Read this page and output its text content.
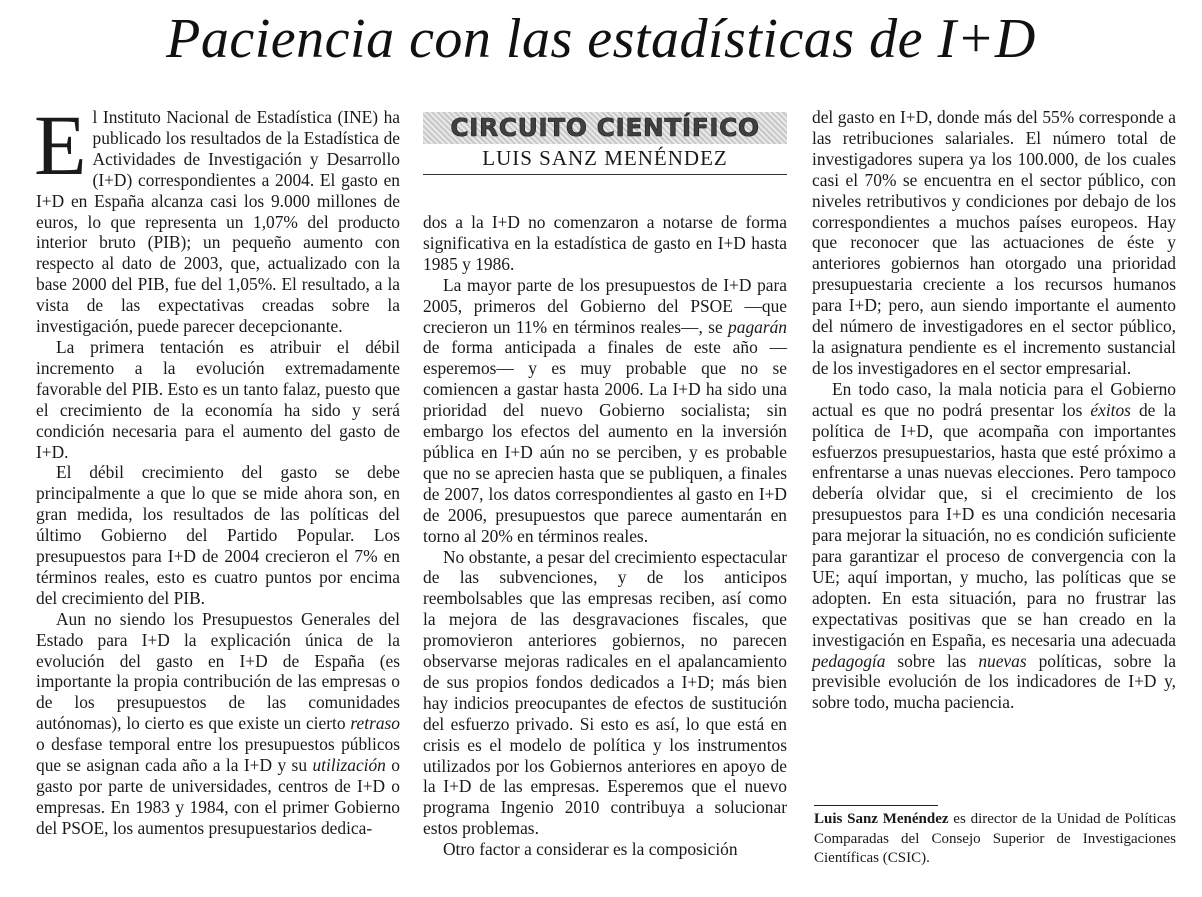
Paciencia con las estadísticas de I+D

El Instituto Nacional de Estadística (INE) ha publicado los resultados de la Estadística de Actividades de Investigación y Desarrollo (I+D) correspondientes a 2004. El gasto en I+D en España alcanza casi los 9.000 millones de euros, lo que representa un 1,07% del producto interior bruto (PIB); un pequeño aumento con respecto al dato de 2003, que, actualizado con la base 2000 del PIB, fue del 1,05%. El resultado, a la vista de las expectativas creadas sobre la investigación, puede parecer decepcionante.

La primera tentación es atribuir el débil incremento a la evolución extremadamente favorable del PIB. Esto es un tanto falaz, puesto que el crecimiento de la economía ha sido y será condición necesaria para el aumento del gasto de I+D.

El débil crecimiento del gasto se debe principalmente a que lo que se mide ahora son, en gran medida, los resultados de las políticas del último Gobierno del Partido Popular. Los presupuestos para I+D de 2004 crecieron el 7% en términos reales, esto es cuatro puntos por encima del crecimiento del PIB.

Aun no siendo los Presupuestos Generales del Estado para I+D la explicación única de la evolución del gasto en I+D de España (es importante la propia contribución de las empresas o de los presupuestos de las comunidades autónomas), lo cierto es que existe un cierto retraso o desfase temporal entre los presupuestos públicos que se asignan cada año a la I+D y su utilización o gasto por parte de universidades, centros de I+D o empresas. En 1983 y 1984, con el primer Gobierno del PSOE, los aumentos presupuestarios dedica-

CIRCUITO CIENTÍFICO
LUIS SANZ MENÉNDEZ

dos a la I+D no comenzaron a notarse de forma significativa en la estadística de gasto en I+D hasta 1985 y 1986.

La mayor parte de los presupuestos de I+D para 2005, primeros del Gobierno del PSOE —que crecieron un 11% en términos reales—, se pagarán de forma anticipada a finales de este año —esperemos— y es muy probable que no se comiencen a gastar hasta 2006. La I+D ha sido una prioridad del nuevo Gobierno socialista; sin embargo los efectos del aumento en la inversión pública en I+D aún no se perciben, y es probable que no se aprecien hasta que se publiquen, a finales de 2007, los datos correspondientes al gasto en I+D de 2006, presupuestos que parece aumentarán en torno al 20% en términos reales.

No obstante, a pesar del crecimiento espectacular de las subvenciones, y de los anticipos reembolsables que las empresas reciben, así como la mejora de las desgravaciones fiscales, que promovieron anteriores gobiernos, no parecen observarse mejoras radicales en el apalancamiento de sus propios fondos dedicados a I+D; más bien hay indicios preocupantes de efectos de sustitución del esfuerzo privado. Si esto es así, lo que está en crisis es el modelo de política y los instrumentos utilizados por los Gobiernos anteriores en apoyo de la I+D de las empresas. Esperemos que el nuevo programa Ingenio 2010 contribuya a solucionar estos problemas.

Otro factor a considerar es la composición

del gasto en I+D, donde más del 55% corresponde a las retribuciones salariales. El número total de investigadores supera ya los 100.000, de los cuales casi el 70% se encuentra en el sector público, con niveles retributivos y condiciones por debajo de los correspondientes a muchos países europeos. Hay que reconocer que las actuaciones de éste y anteriores gobiernos han otorgado una prioridad presupuestaria creciente a los recursos humanos para I+D; pero, aun siendo importante el aumento del número de investigadores en el sector público, la asignatura pendiente es el incremento sustancial de los investigadores en el sector empresarial.

En todo caso, la mala noticia para el Gobierno actual es que no podrá presentar los éxitos de la política de I+D, que acompaña con importantes esfuerzos presupuestarios, hasta que esté próximo a enfrentarse a unas nuevas elecciones. Pero tampoco debería olvidar que, si el crecimiento de los presupuestos para I+D es una condición necesaria para mejorar la situación, no es condición suficiente para garantizar el proceso de convergencia con la UE; aquí importan, y mucho, las políticas que se adopten. En esta situación, para no frustrar las expectativas positivas que se han creado en la investigación en España, es necesaria una adecuada pedagogía sobre las nuevas políticas, sobre la previsible evolución de los indicadores de I+D y, sobre todo, mucha paciencia.

Luis Sanz Menéndez es director de la Unidad de Políticas Comparadas del Consejo Superior de Investigaciones Científicas (CSIC).
